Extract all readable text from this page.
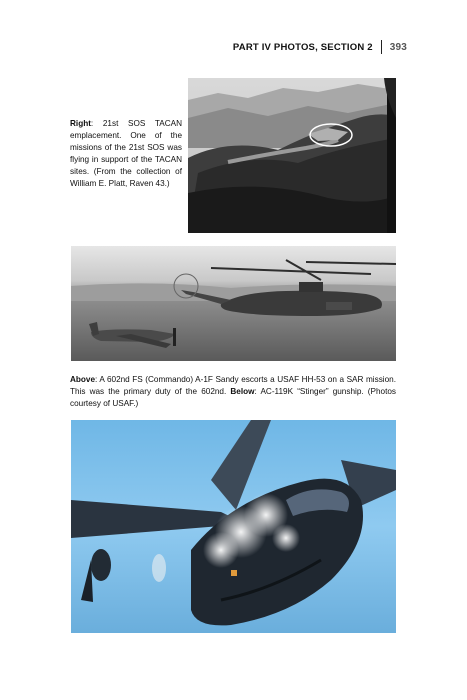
PART IV PHOTOS, SECTION 2 393
Right: 21st SOS TACAN emplacement. One of the missions of the 21st SOS was flying in support of the TACAN sites. (From the collection of William E. Platt, Raven 43.)
Above: A 602nd FS (Commando) A-1F Sandy escorts a USAF HH-53 on a SAR mission. This was the primary duty of the 602nd. Below: AC-119K “Stinger” gunship. (Photos courtesy of USAF.)
